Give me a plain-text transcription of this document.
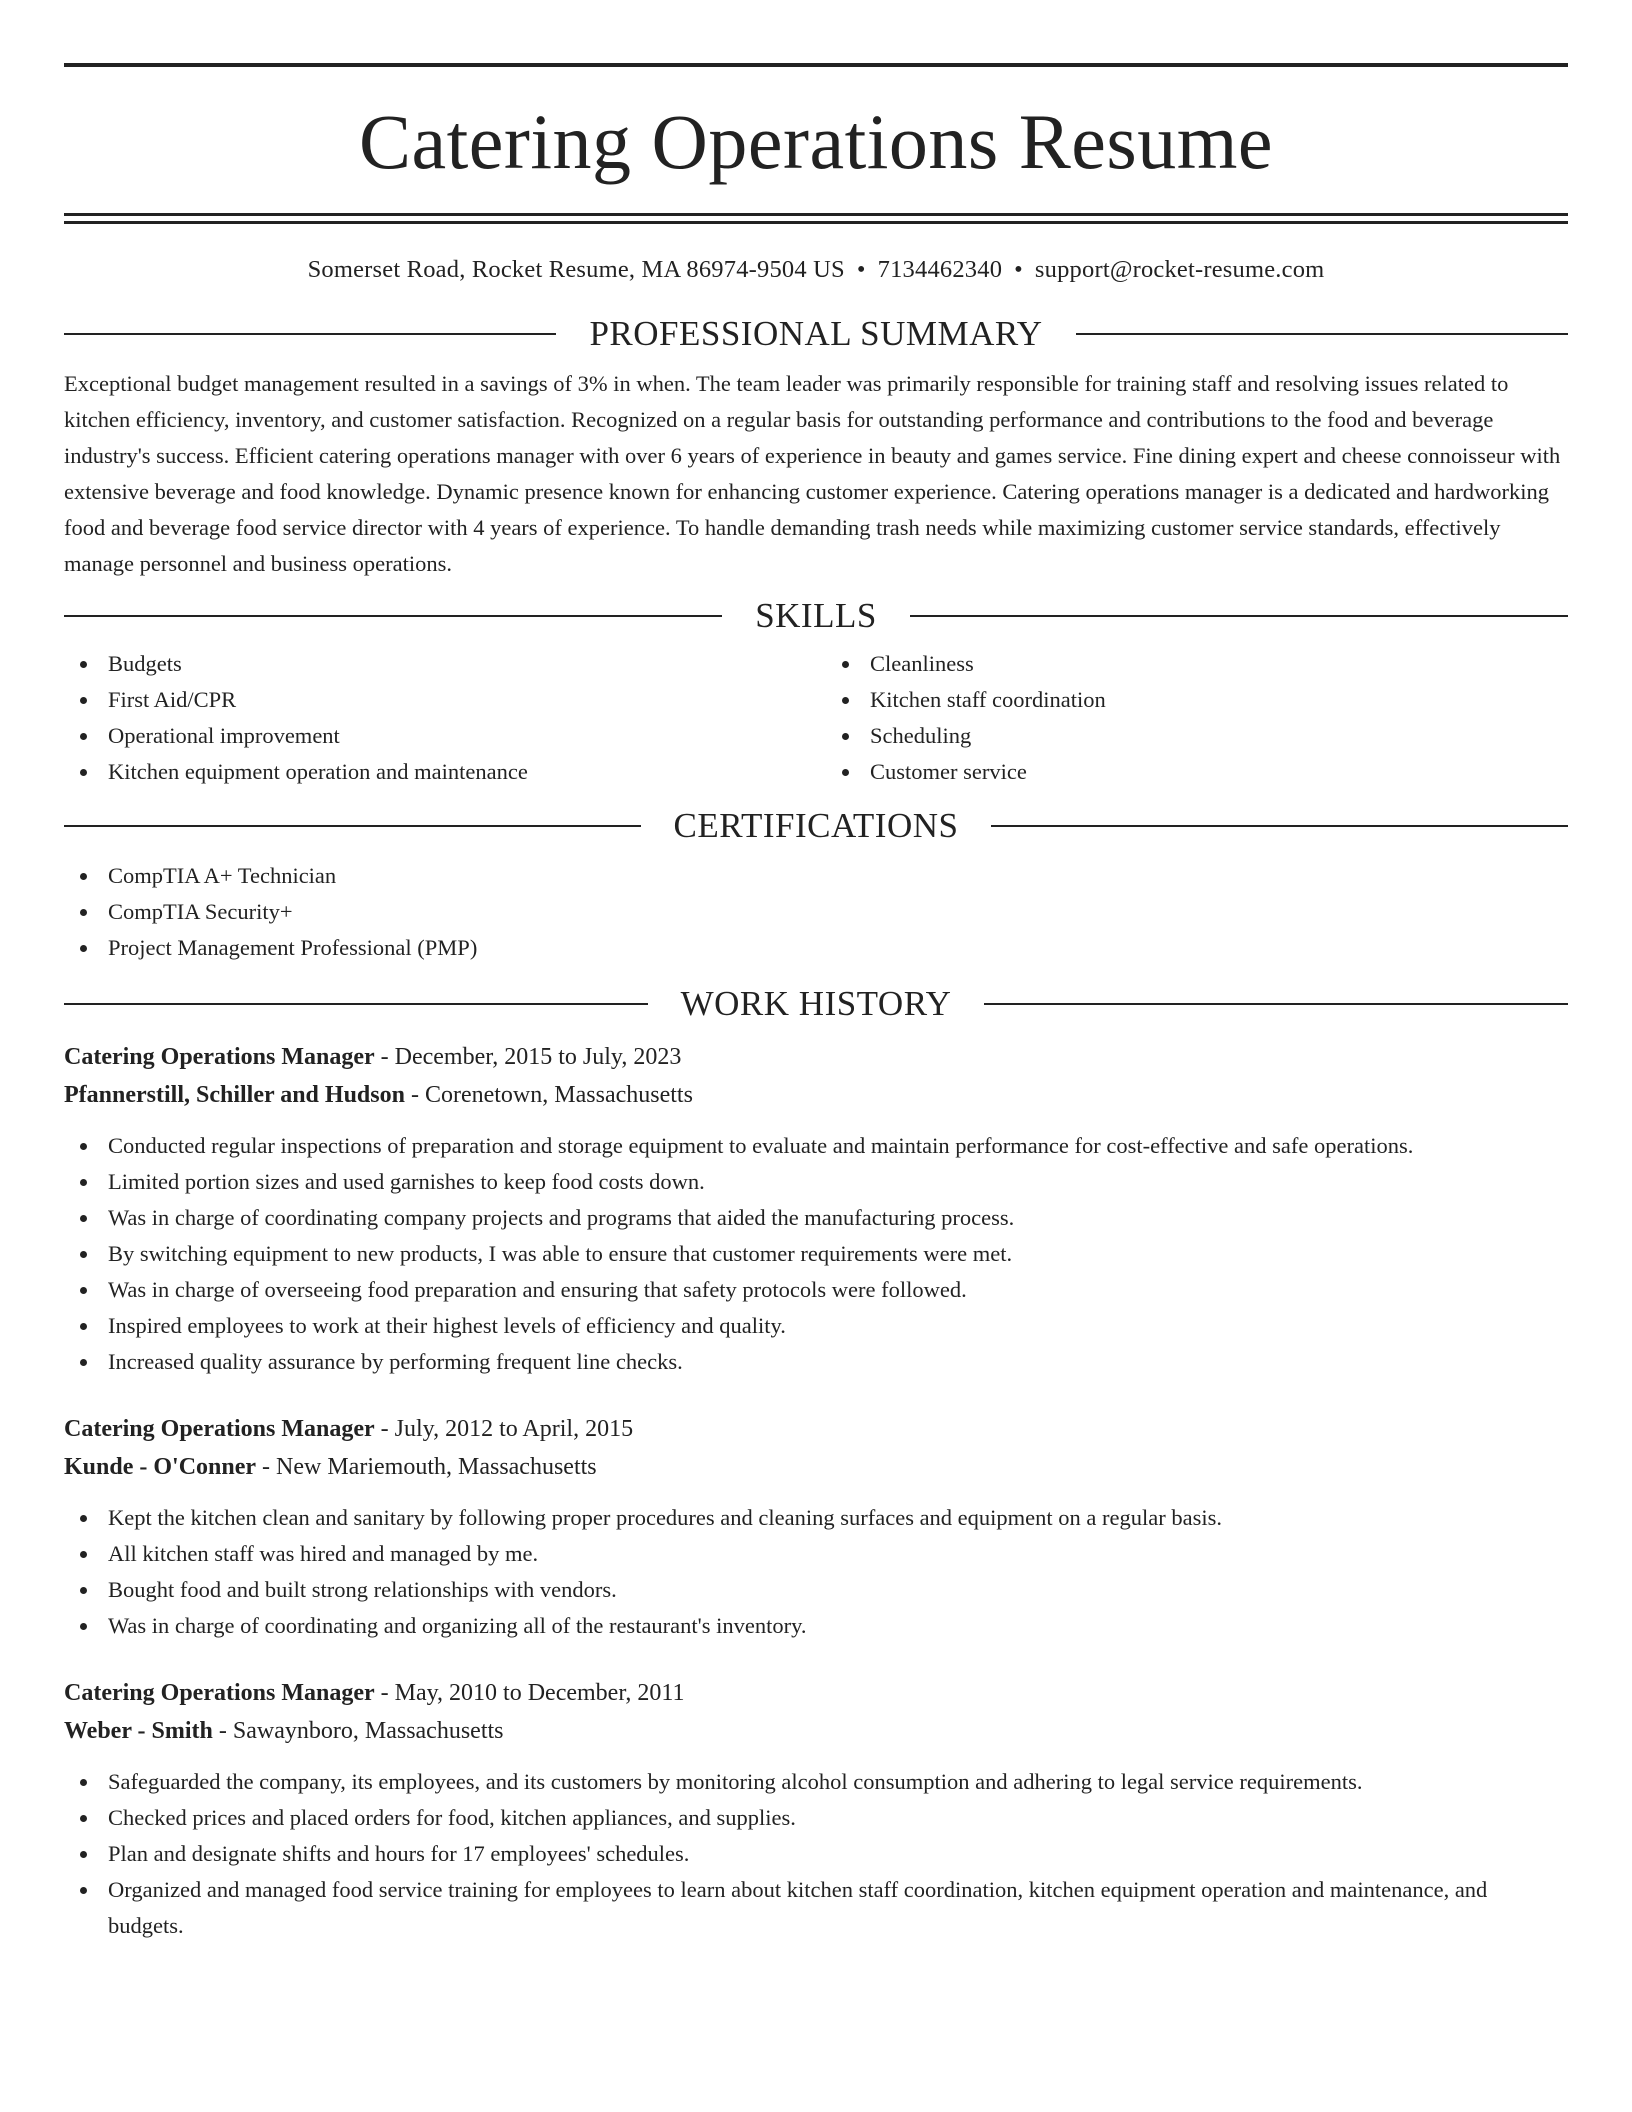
Catering Operations Resume
Somerset Road, Rocket Resume, MA 86974-9504 US • 7134462340 • support@rocket-resume.com
PROFESSIONAL SUMMARY

Exceptional budget management resulted in a savings of 3% in when. The team leader was primarily responsible for training staff and resolving issues related to kitchen efficiency, inventory, and customer satisfaction. Recognized on a regular basis for outstanding performance and contributions to the food and beverage industry's success. Efficient catering operations manager with over 6 years of experience in beauty and games service. Fine dining expert and cheese connoisseur with extensive beverage and food knowledge. Dynamic presence known for enhancing customer experience. Catering operations manager is a dedicated and hardworking food and beverage food service director with 4 years of experience. To handle demanding trash needs while maximizing customer service standards, effectively manage personnel and business operations.

SKILLS
Budgets
First Aid/CPR
Operational improvement
Kitchen equipment operation and maintenance
Cleanliness
Kitchen staff coordination
Scheduling
Customer service
CERTIFICATIONS
CompTIA A+ Technician
CompTIA Security+
Project Management Professional (PMP)
WORK HISTORY
Catering Operations Manager - December, 2015 to July, 2023
Pfannerstill, Schiller and Hudson - Corenetown, Massachusetts
Conducted regular inspections of preparation and storage equipment to evaluate and maintain performance for cost-effective and safe operations.
Limited portion sizes and used garnishes to keep food costs down.
Was in charge of coordinating company projects and programs that aided the manufacturing process.
By switching equipment to new products, I was able to ensure that customer requirements were met.
Was in charge of overseeing food preparation and ensuring that safety protocols were followed.
Inspired employees to work at their highest levels of efficiency and quality.
Increased quality assurance by performing frequent line checks.
Catering Operations Manager - July, 2012 to April, 2015
Kunde - O'Conner - New Mariemouth, Massachusetts
Kept the kitchen clean and sanitary by following proper procedures and cleaning surfaces and equipment on a regular basis.
All kitchen staff was hired and managed by me.
Bought food and built strong relationships with vendors.
Was in charge of coordinating and organizing all of the restaurant's inventory.
Catering Operations Manager - May, 2010 to December, 2011
Weber - Smith - Sawaynboro, Massachusetts
Safeguarded the company, its employees, and its customers by monitoring alcohol consumption and adhering to legal service requirements.
Checked prices and placed orders for food, kitchen appliances, and supplies.
Plan and designate shifts and hours for 17 employees' schedules.
Organized and managed food service training for employees to learn about kitchen staff coordination, kitchen equipment operation and maintenance, and budgets.
